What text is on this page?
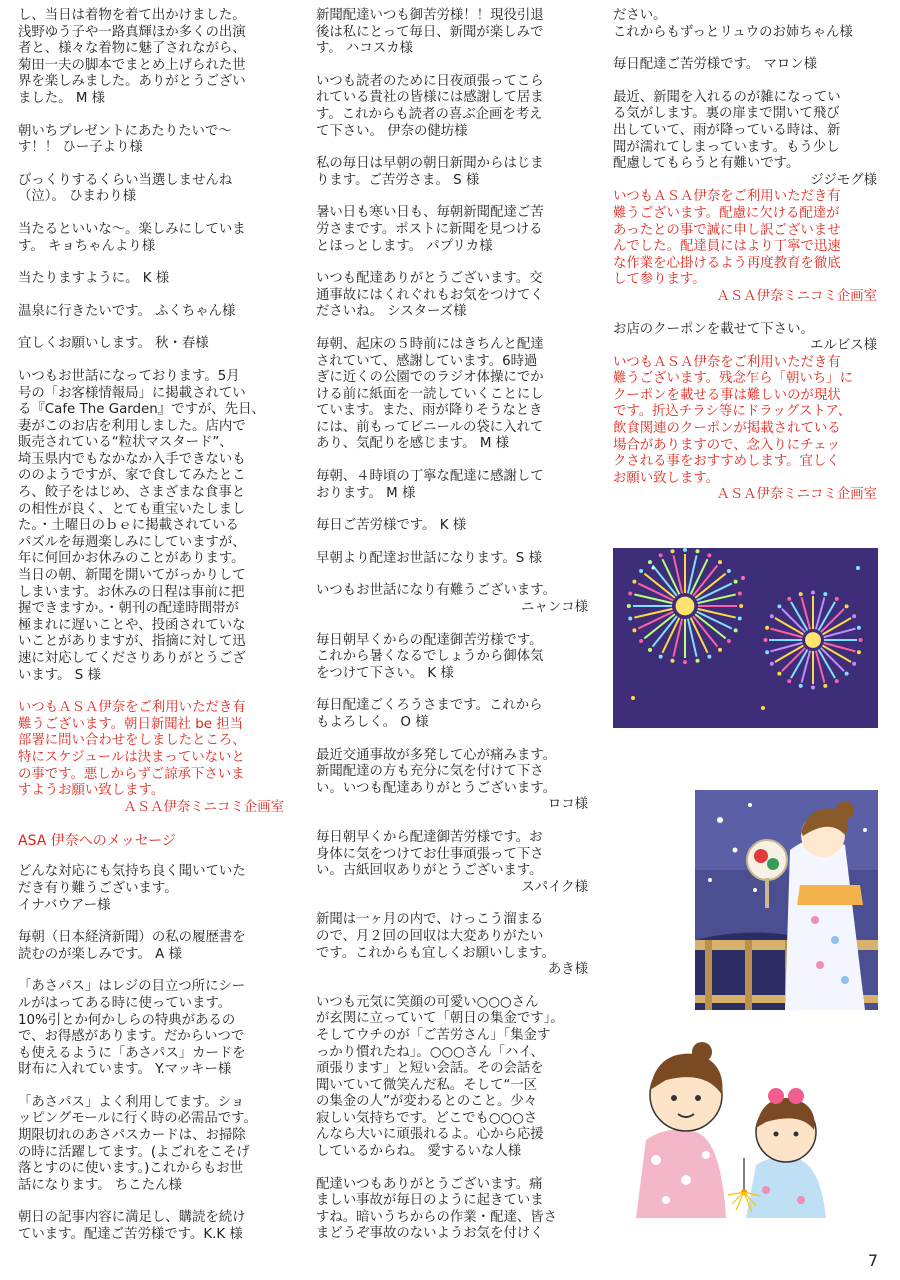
し、当日は着物を着て出かけました。
浅野ゆう子や一路真輝ほか多くの出演
者と、様々な着物に魅了されながら、
菊田一夫の脚本でまとめ上げられた世
界を楽しみました。ありがとうござい
ました。 M 様
朝いちプレゼントにあたりたいで～
す！！ ひー子より様
びっくりするくらい当選しませんね
（泣）。 ひまわり様
当たるといいな～。楽しみにしていま
す。 キョちゃんより様
当たりますように。 K 様
温泉に行きたいです。 ふくちゃん様
宜しくお願いします。 秋・春様
いつもお世話になっております。5月
号の「お客様情報局」に掲載されてい
る『Cafe The Garden』ですが、先日、
妻がこのお店を利用しました。店内で
販売されている“粒状マスタード”、
埼玉県内でもなかなか入手できないも
ののようですが、家で食してみたとこ
ろ、餃子をはじめ、さまざまな食事と
の相性が良く、とても重宝いたしまし
た。・土曜日のｂｅに掲載されている
パズルを毎週楽しみにしていますが、
年に何回かお休みのことがあります。
当日の朝、新聞を開いてがっかりして
しまいます。お休みの日程は事前に把
握できますか。・朝刊の配達時間帯が
極まれに遅いことや、投函されていな
いことがありますが、指摘に対して迅
速に対応してくださりありがとうござ
います。 S 様
いつもＡＳＡ伊奈をご利用いただき有
難うございます。朝日新聞社 be 担当
部署に問い合わせをしましたところ、
特にスケジュールは決まっていないと
の事です。悪しからずご諒承下さいま
すようお願い致します。
ＡＳＡ伊奈ミニコミ企画室
ASA 伊奈へのメッセージ
どんな対応にも気持ち良く聞いていた
だき有り難うございます。
イナバウアー様
毎朝（日本経済新聞）の私の履歴書を
読むのが楽しみです。 A 様
「あさパス」はレジの目立つ所にシー
ルがはってある時に使っています。
10%引とか何かしらの特典があるの
で、お得感があります。だからいつで
も使えるように「あさパス」カードを
財布に入れています。 Y.マッキー様
「あさパス」よく利用してます。ショ
ッピングモールに行く時の必需品です。
期限切れのあさパスカードは、お掃除
の時に活躍してます。(よごれをこそげ
落とすのに使います。)これからもお世
話になります。 ちこたん様
朝日の記事内容に満足し、購読を続け
ています。配達ご苦労様です。K.K 様
新聞配達いつも御苦労様！！現役引退
後は私にとって毎日、新聞が楽しみで
す。 ハコスカ様
いつも読者のために日夜頑張ってこら
れている貴社の皆様には感謝して居ま
す。これからも読者の喜ぶ企画を考え
て下さい。 伊奈の健坊様
私の毎日は早朝の朝日新聞からはじま
ります。ご苦労さま。 S 様
暑い日も寒い日も、毎朝新聞配達ご苦
労さまです。ポストに新聞を見つける
とほっとします。 パプリカ様
いつも配達ありがとうございます。交
通事故にはくれぐれもお気をつけてく
ださいね。 シスターズ様
毎朝、起床の５時前にはきちんと配達
されていて、感謝しています。6時過
ぎに近くの公園でのラジオ体操にでか
ける前に紙面を一読していくことにし
ています。また、雨が降りそうなとき
には、前もってビニールの袋に入れて
あり、気配りを感じます。 M 様
毎朝、４時頃の丁寧な配達に感謝して
おります。 M 様
毎日ご苦労様です。 K 様
早朝より配達お世話になります。S 様
いつもお世話になり有難うございます。
ニャンコ様
毎日朝早くからの配達御苦労様です。
これから暑くなるでしょうから御体気
をつけて下さい。 K 様
毎日配達ごくろうさまです。これから
もよろしく。 O 様
最近交通事故が多発して心が痛みます。
新聞配達の方も充分に気を付けて下さ
い。いつも配達ありがとうございます。
ロコ様
毎日朝早くから配達御苦労様です。お
身体に気をつけてお仕事頑張って下さ
い。古紙回収ありがとうございます。
スパイク様
新聞は一ヶ月の内で、けっこう溜まる
ので、月２回の回収は大変ありがたい
です。これからも宜しくお願いします。
あき様
いつも元気に笑顔の可愛い○○○さん
が玄関に立っていて「朝日の集金です」。
そしてウチのが「ご苦労さん」「集金す
っかり慣れたね」。○○○さん「ハイ、
頑張ります」と短い会話。その会話を
聞いていて微笑んだ私。そして“一区
の集金の人”が変わるとのこと。少々
寂しい気持ちです。どこでも○○○さ
んなら大いに頑張れるよ。心から応援
しているからね。 愛するいな人様
配達いつもありがとうございます。痛
ましい事故が毎日のように起きていま
すね。暗いうちからの作業・配達、皆さ
まどうぞ事故のないようお気を付けく
ださい。
これからもずっとリュウのお姉ちゃん様
毎日配達ご苦労様です。 マロン様
最近、新聞を入れるのが雑になってい
る気がします。裏の扉まで開いて飛び
出していて、雨が降っている時は、新
聞が濡れてしまっています。もう少し
配慮してもらうと有難いです。
ジジモグ様
いつもＡＳＡ伊奈をご利用いただき有
難うございます。配慮に欠ける配達が
あったとの事で誠に申し訳ございませ
んでした。配達員にはより丁寧で迅速
な作業を心掛けるよう再度教育を徹底
して参ります。
ＡＳＡ伊奈ミニコミ企画室
お店のクーポンを載せて下さい。
エルビス様
いつもＡＳＡ伊奈をご利用いただき有
難うございます。残念乍ら「朝いち」に
クーポンを載せる事は難しいのが現状
です。折込チラシ等にドラッグストア、
飲食関連のクーポンが掲載されている
場合がありますので、念入りにチェッ
クされる事をおすすめします。宜しく
お願い致します。
ＡＳＡ伊奈ミニコミ企画室
7
